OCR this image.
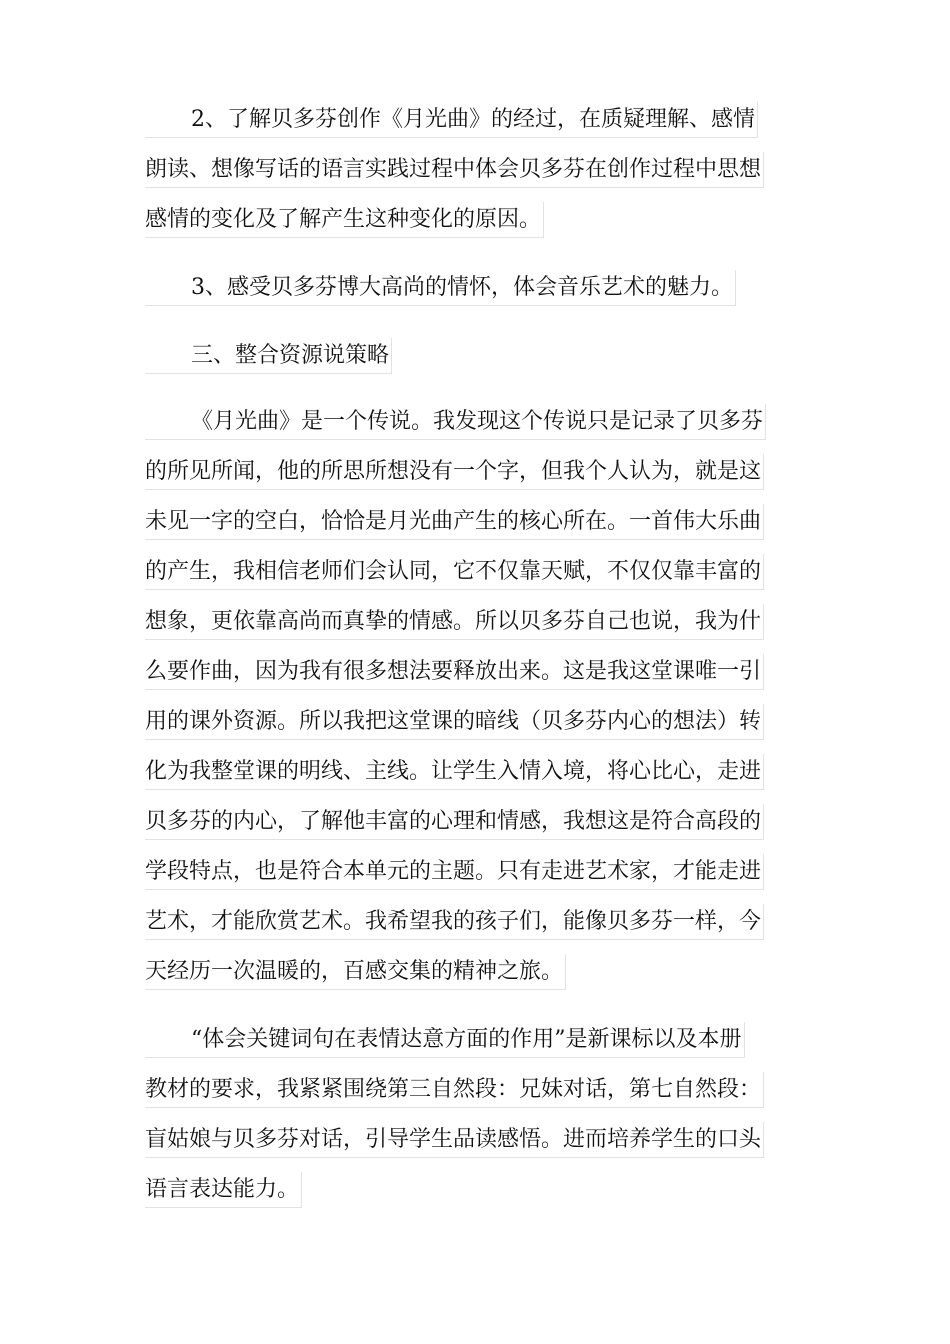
2、了解贝多芬创作《月光曲》的经过，在质疑理解、感情
朗读、想像写话的语言实践过程中体会贝多芬在创作过程中思想
感情的变化及了解产生这种变化的原因。
3、感受贝多芬博大高尚的情怀，体会音乐艺术的魅力。
三、整合资源说策略
《月光曲》是一个传说。我发现这个传说只是记录了贝多芬
的所见所闻，他的所思所想没有一个字，但我个人认为，就是这
未见一字的空白，恰恰是月光曲产生的核心所在。一首伟大乐曲
的产生，我相信老师们会认同，它不仅靠天赋，不仅仅靠丰富的
想象，更依靠高尚而真挚的情感。所以贝多芬自己也说，我为什
么要作曲，因为我有很多想法要释放出来。这是我这堂课唯一引
用的课外资源。所以我把这堂课的暗线（贝多芬内心的想法）转
化为我整堂课的明线、主线。让学生入情入境，将心比心，走进
贝多芬的内心，了解他丰富的心理和情感，我想这是符合高段的
学段特点，也是符合本单元的主题。只有走进艺术家，才能走进
艺术，才能欣赏艺术。我希望我的孩子们，能像贝多芬一样，今
天经历一次温暖的，百感交集的精神之旅。
“体会关键词句在表情达意方面的作用”是新课标以及本册
教材的要求，我紧紧围绕第三自然段：兄妹对话，第七自然段：
盲姑娘与贝多芬对话，引导学生品读感悟。进而培养学生的口头
语言表达能力。
